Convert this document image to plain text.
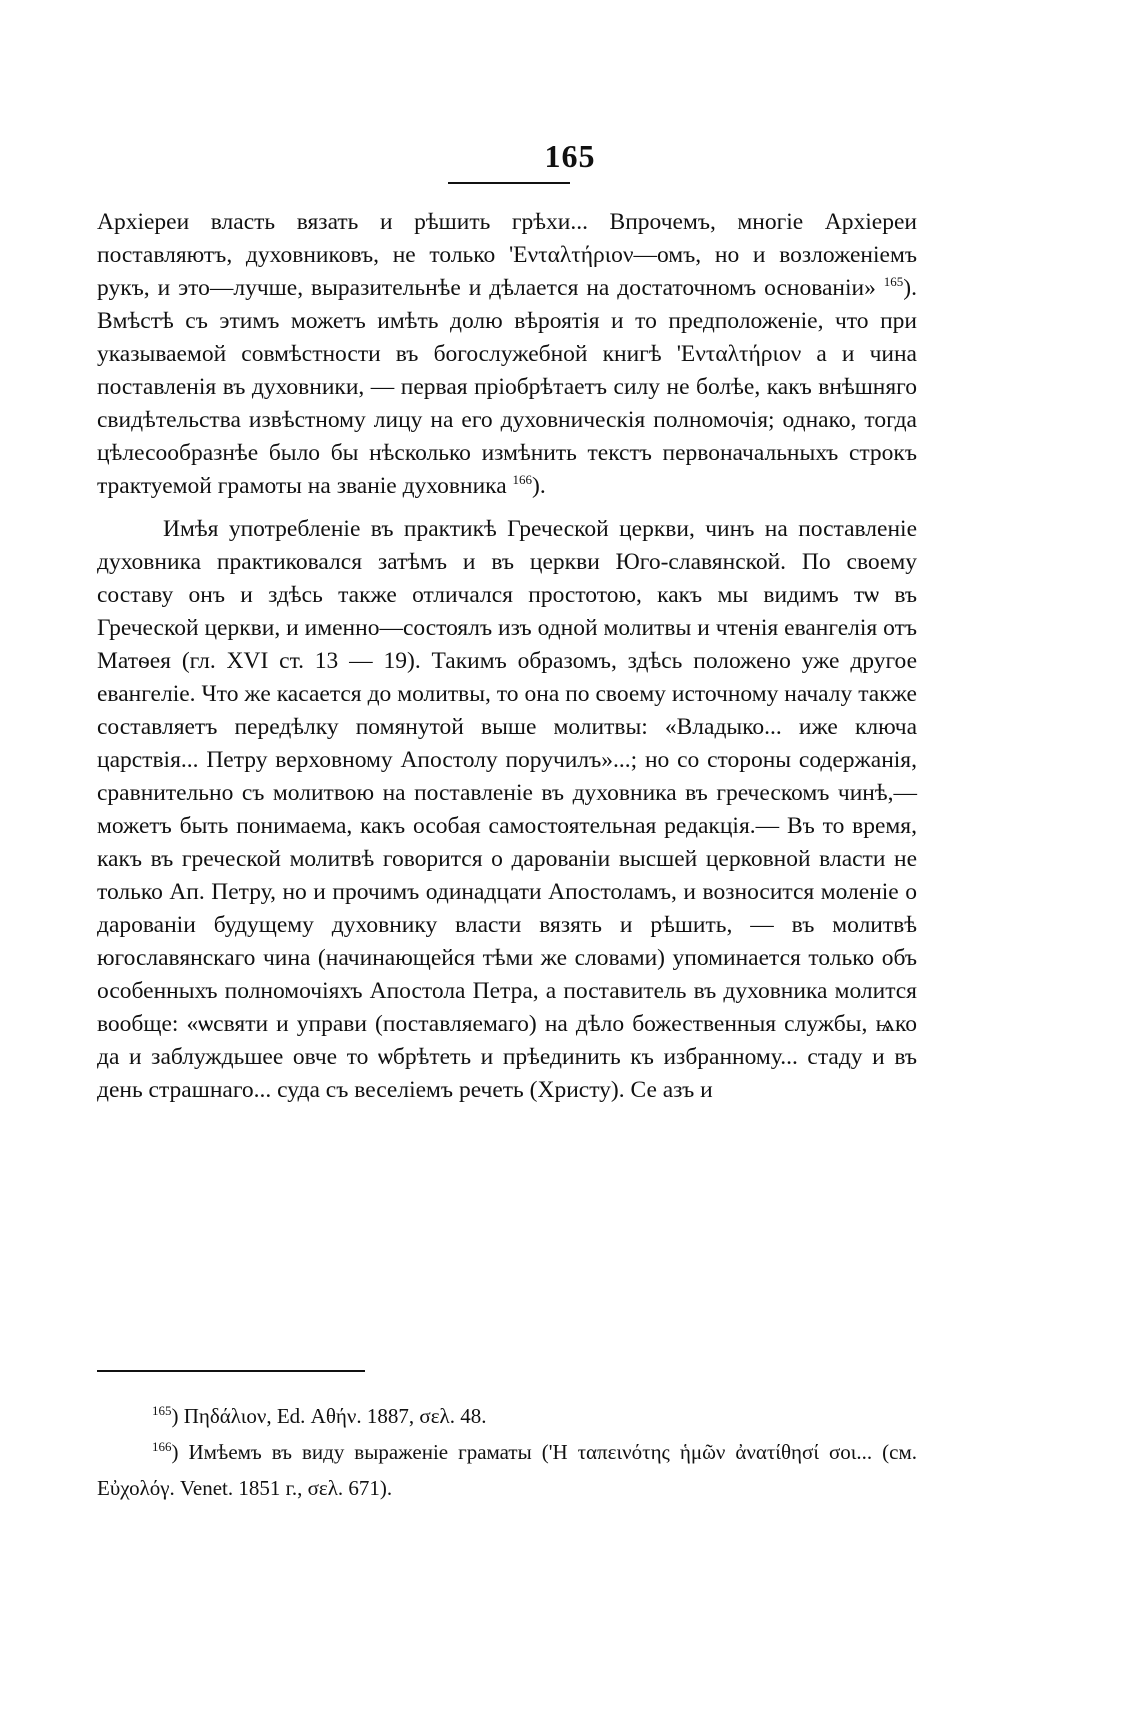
165

Архіереи власть вязать и рѣшить грѣхи... Впрочемъ, многіе Архіереи поставляютъ, духовниковъ, не только 'Ενταλτήριον—омъ, но и возложеніемъ рукъ, и это—лучше, выразительнѣе и дѣлается на достаточномъ основаніи» $^{165}$). Вмѣстѣ съ этимъ можетъ имѣть долю вѣроятія и то предположеніе, что при указываемой совмѣстности въ богослужебной книгѣ 'Ενταλτήριον а и чина поставленія въ духовники, — первая пріобрѣтаетъ силу не болѣе, какъ внѣшняго свидѣтельства извѣстному лицу на его духовническія полномочія; однако, тогда цѣлесообразнѣе было бы нѣсколько измѣнить текстъ первоначальныхъ строкъ трактуемой грамоты на званіе духовника $^{166}$).

Имѣя употребленіе въ практикѣ Греческой церкви, чинъ на поставленіе духовника практиковался затѣмъ и въ церкви Юго-славянской. По своему составу онъ и здѣсь также отличался простотою, какъ мы видимъ тѡ въ Греческой церкви, и именно—состоялъ изъ одной молитвы и чтенія евангелія отъ Матѳея (гл. XVI ст. 13 — 19). Такимъ образомъ, здѣсь положено уже другое евангеліе. Что же касается до молитвы, то она по своему источному началу также составляетъ передѣлку помянутой выше молитвы: «Владыко... иже ключа царствія... Петру верховному Апостолу поручилъ»...; но со стороны содержанія, сравнительно съ молитвою на поставленіе въ духовника въ греческомъ чинѣ,— можетъ быть понимаема, какъ особая самостоятельная редакція.— Въ то время, какъ въ греческой молитвѣ говорится о дарованіи высшей церковной власти не только Ап. Петру, но и прочимъ одинадцати Апостоламъ, и возносится моленіе о дарованіи будущему духовнику власти вязять и рѣшить, — въ молитвѣ югославянскаго чина (начинающейся тѣми же словами) упоминается только объ особенныхъ полномочіяхъ Апостола Петра, а поставитель въ духовника молится вообще: «ѡсвяти и управи (поставляемаго) на дѣло божественныя службы, ѩко да и заблуждьшее овче то ѡбрѣтеть и прѣединить къ избранному... стаду и въ день страшнаго... суда съ веселіемъ речеть (Христу). Се азъ и

$^{165}$) Πηδάλιον, Ed. Αθήν. 1887, σελ. 48.

$^{166}$) Имѣемъ въ виду выраженіе граматы ('Η ταπεινότης ἡμῶν ἀνατίθησί σοι... (см. Εὐχολόγ. Venet. 1851 г., σελ. 671).
